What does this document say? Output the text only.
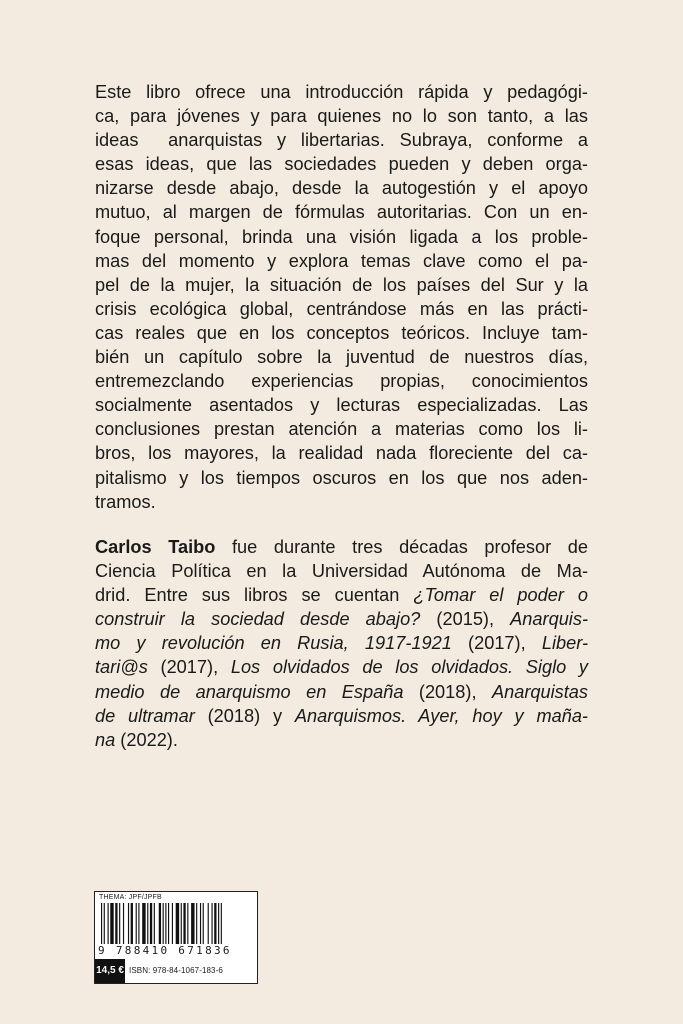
Este libro ofrece una introducción rápida y pedagógi-
ca, para jóvenes y para quienes no lo son tanto, a las
ideas  anarquistas y libertarias. Subraya, conforme a
esas ideas, que las sociedades pueden y deben orga-
nizarse desde abajo, desde la autogestión y el apoyo
mutuo, al margen de fórmulas autoritarias. Con un en-
foque personal, brinda una visión ligada a los proble-
mas del momento y explora temas clave como el pa-
pel de la mujer, la situación de los países del Sur y la
crisis ecológica global, centrándose más en las prácti-
cas reales que en los conceptos teóricos. Incluye tam-
bién un capítulo sobre la juventud de nuestros días,
entremezclando experiencias propias, conocimientos
socialmente asentados y lecturas especializadas. Las
conclusiones prestan atención a materias como los li-
bros, los mayores, la realidad nada floreciente del ca-
pitalismo y los tiempos oscuros en los que nos aden-
tramos.
Carlos Taibo fue durante tres décadas profesor de
Ciencia Política en la Universidad Autónoma de Ma-
drid. Entre sus libros se cuentan ¿Tomar el poder o
construir la sociedad desde abajo? (2015), Anarquis-
mo y revolución en Rusia, 1917-1921 (2017), Liber-
tari@s (2017), Los olvidados de los olvidados. Siglo y
medio de anarquismo en España (2018), Anarquistas
de ultramar (2018) y Anarquismos. Ayer, hoy y maña-
na (2022).
THEMA: JPF/JPFB
9 788410 671836
14,5 € ISBN: 978-84-1067-183-6
